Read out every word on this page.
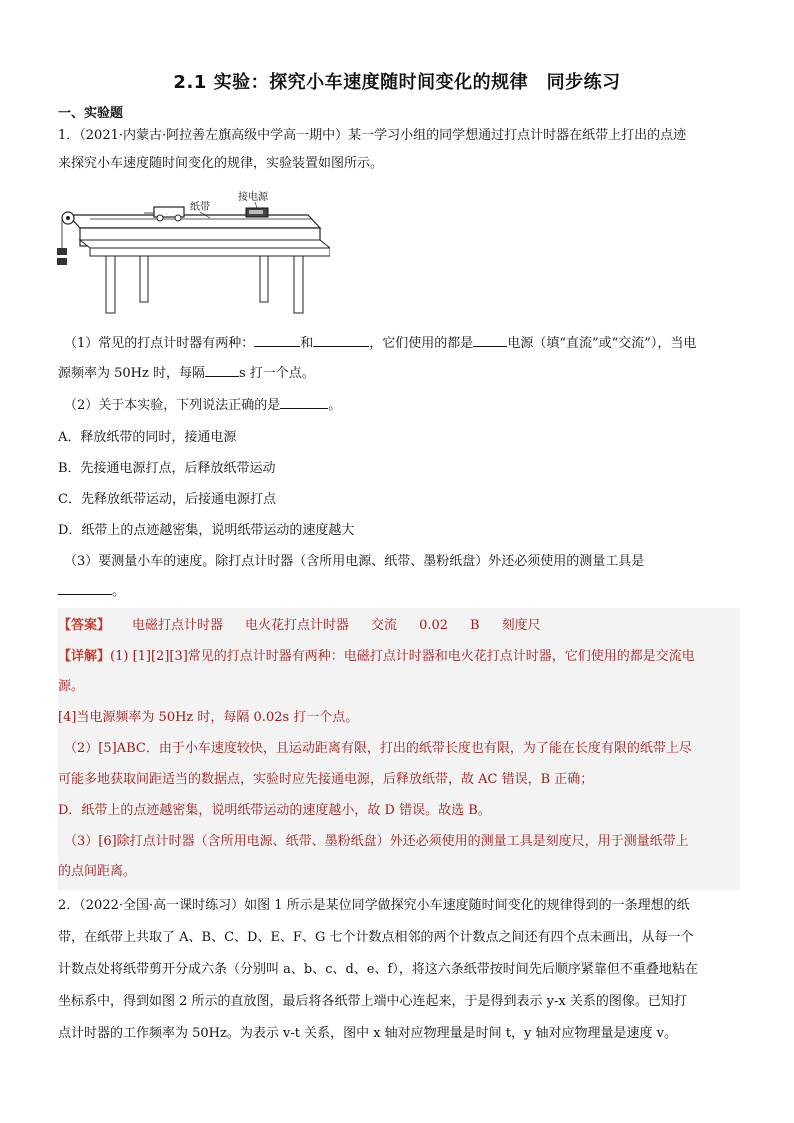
2.1 实验：探究小车速度随时间变化的规律　同步练习
一、实验题
1．（2021·内蒙古·阿拉善左旗高级中学高一期中）某一学习小组的同学想通过打点计时器在纸带上打出的点迹
来探究小车速度随时间变化的规律，实验装置如图所示。
纸带
接电源
（1）常见的打点计时器有两种：	和	，它们使用的都是	电源（填“直流”或“交流”），当电
源频率为 50Hz 时，每隔	s 打一个点。
（2）关于本实验，下列说法正确的是	。
A．释放纸带的同时，接通电源
B．先接通电源打点，后释放纸带运动
C．先释放纸带运动，后接通电源打点
D．纸带上的点迹越密集，说明纸带运动的速度越大
（3）要测量小车的速度。除打点计时器（含所用电源、纸带、墨粉纸盘）外还必须使用的测量工具是
。
【答案】 电磁打点计时器 电火花打点计时器 交流 0.02 B 刻度尺
【详解】(1) [1][2][3]常见的打点计时器有两种：电磁打点计时器和电火花打点计时器，它们使用的都是交流电
源。
[4]当电源频率为 50Hz 时，每隔 0.02s 打一个点。
（2）[5]ABC．由于小车速度较快，且运动距离有限，打出的纸带长度也有限，为了能在长度有限的纸带上尽
可能多地获取间距适当的数据点，实验时应先接通电源，后释放纸带，故 AC 错误，B 正确；
D．纸带上的点迹越密集，说明纸带运动的速度越小，故 D 错误。故选 B。
（3）[6]除打点计时器（含所用电源、纸带、墨粉纸盘）外还必须使用的测量工具是刻度尺，用于测量纸带上
的点间距离。
2．（2022·全国·高一课时练习）如图 1 所示是某位同学做探究小车速度随时间变化的规律得到的一条理想的纸
带，在纸带上共取了 A、B、C、D、E、F、G 七个计数点相邻的两个计数点之间还有四个点未画出，从每一个
计数点处将纸带剪开分成六条（分别叫 a、b、c、d、e、f），将这六条纸带按时间先后顺序紧靠但不重叠地粘在
坐标系中，得到如图 2 所示的直放图，最后将各纸带上端中心连起来，于是得到表示 y-x 关系的图像。已知打
点计时器的工作频率为 50Hz。为表示 v-t 关系，图中 x 轴对应物理量是时间 t，y 轴对应物理量是速度 v。
